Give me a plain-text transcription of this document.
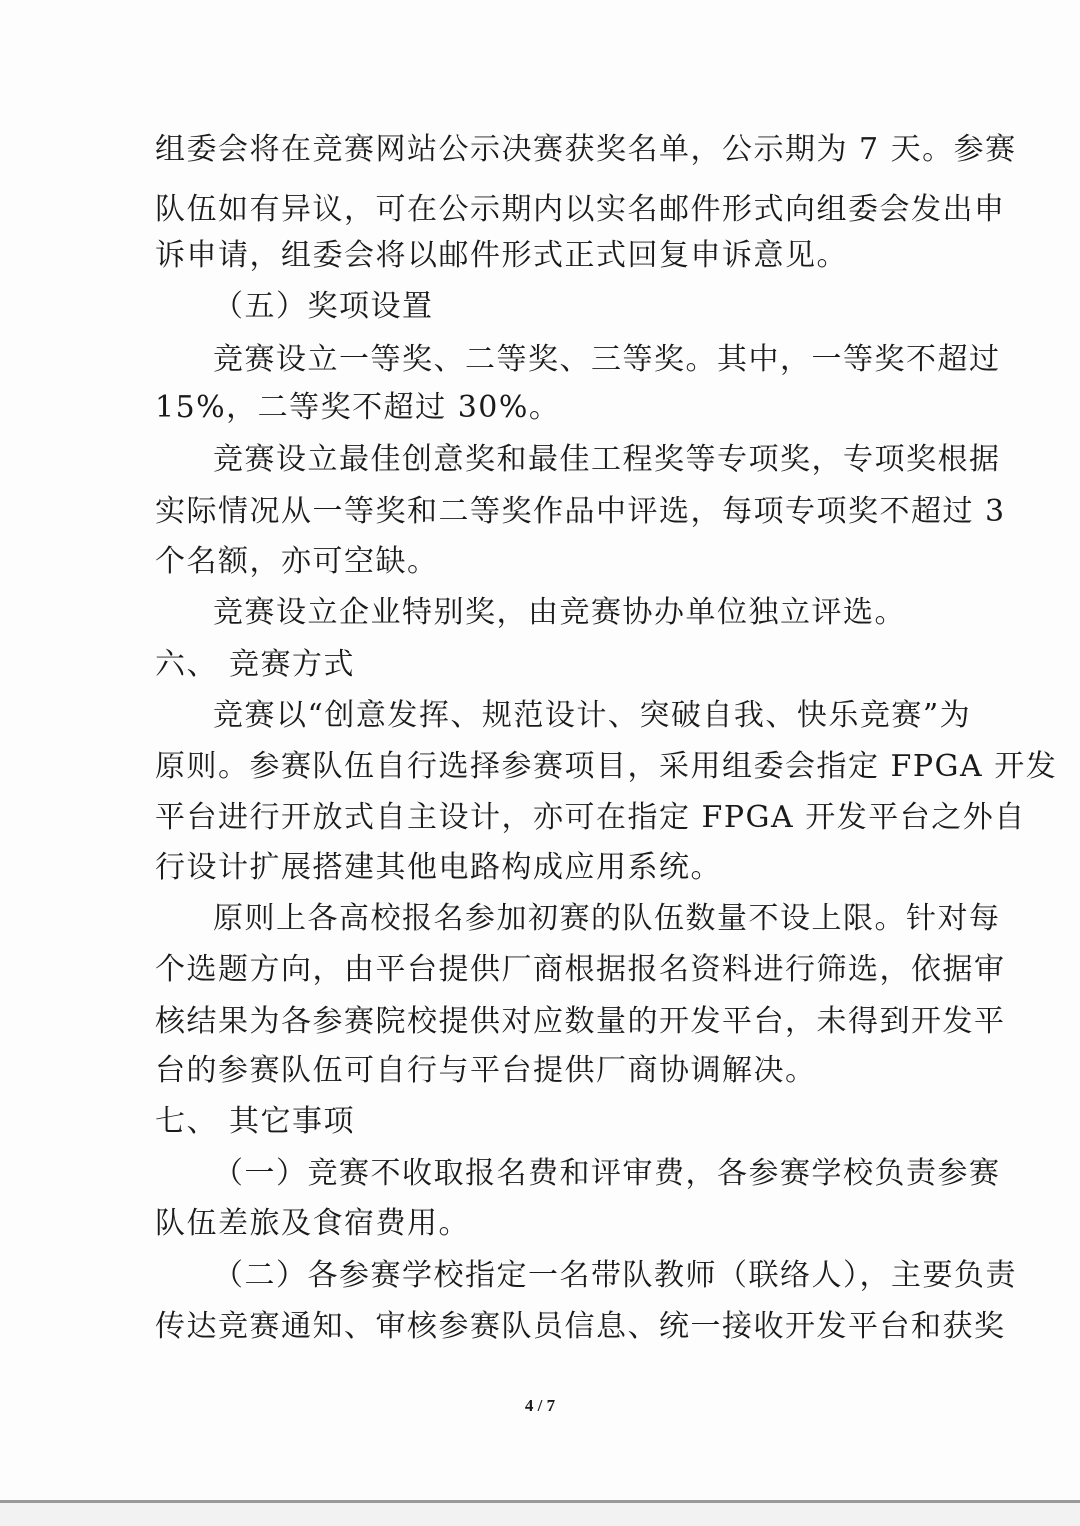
组委会将在竞赛网站公示决赛获奖名单，公示期为 7 天。参赛
队伍如有异议，可在公示期内以实名邮件形式向组委会发出申
诉申请，组委会将以邮件形式正式回复申诉意见。
（五）奖项设置
竞赛设立一等奖、二等奖、三等奖。其中，一等奖不超过
15%，二等奖不超过 30%。
竞赛设立最佳创意奖和最佳工程奖等专项奖，专项奖根据
实际情况从一等奖和二等奖作品中评选，每项专项奖不超过 3
个名额，亦可空缺。
竞赛设立企业特别奖，由竞赛协办单位独立评选。
六、 竞赛方式
竞赛以“创意发挥、规范设计、突破自我、快乐竞赛”为
原则。参赛队伍自行选择参赛项目，采用组委会指定 FPGA 开发
平台进行开放式自主设计，亦可在指定 FPGA 开发平台之外自
行设计扩展搭建其他电路构成应用系统。
原则上各高校报名参加初赛的队伍数量不设上限。针对每
个选题方向，由平台提供厂商根据报名资料进行筛选，依据审
核结果为各参赛院校提供对应数量的开发平台，未得到开发平
台的参赛队伍可自行与平台提供厂商协调解决。
七、 其它事项
（一）竞赛不收取报名费和评审费，各参赛学校负责参赛
队伍差旅及食宿费用。
（二）各参赛学校指定一名带队教师（联络人），主要负责
传达竞赛通知、审核参赛队员信息、统一接收开发平台和获奖
4 / 7
